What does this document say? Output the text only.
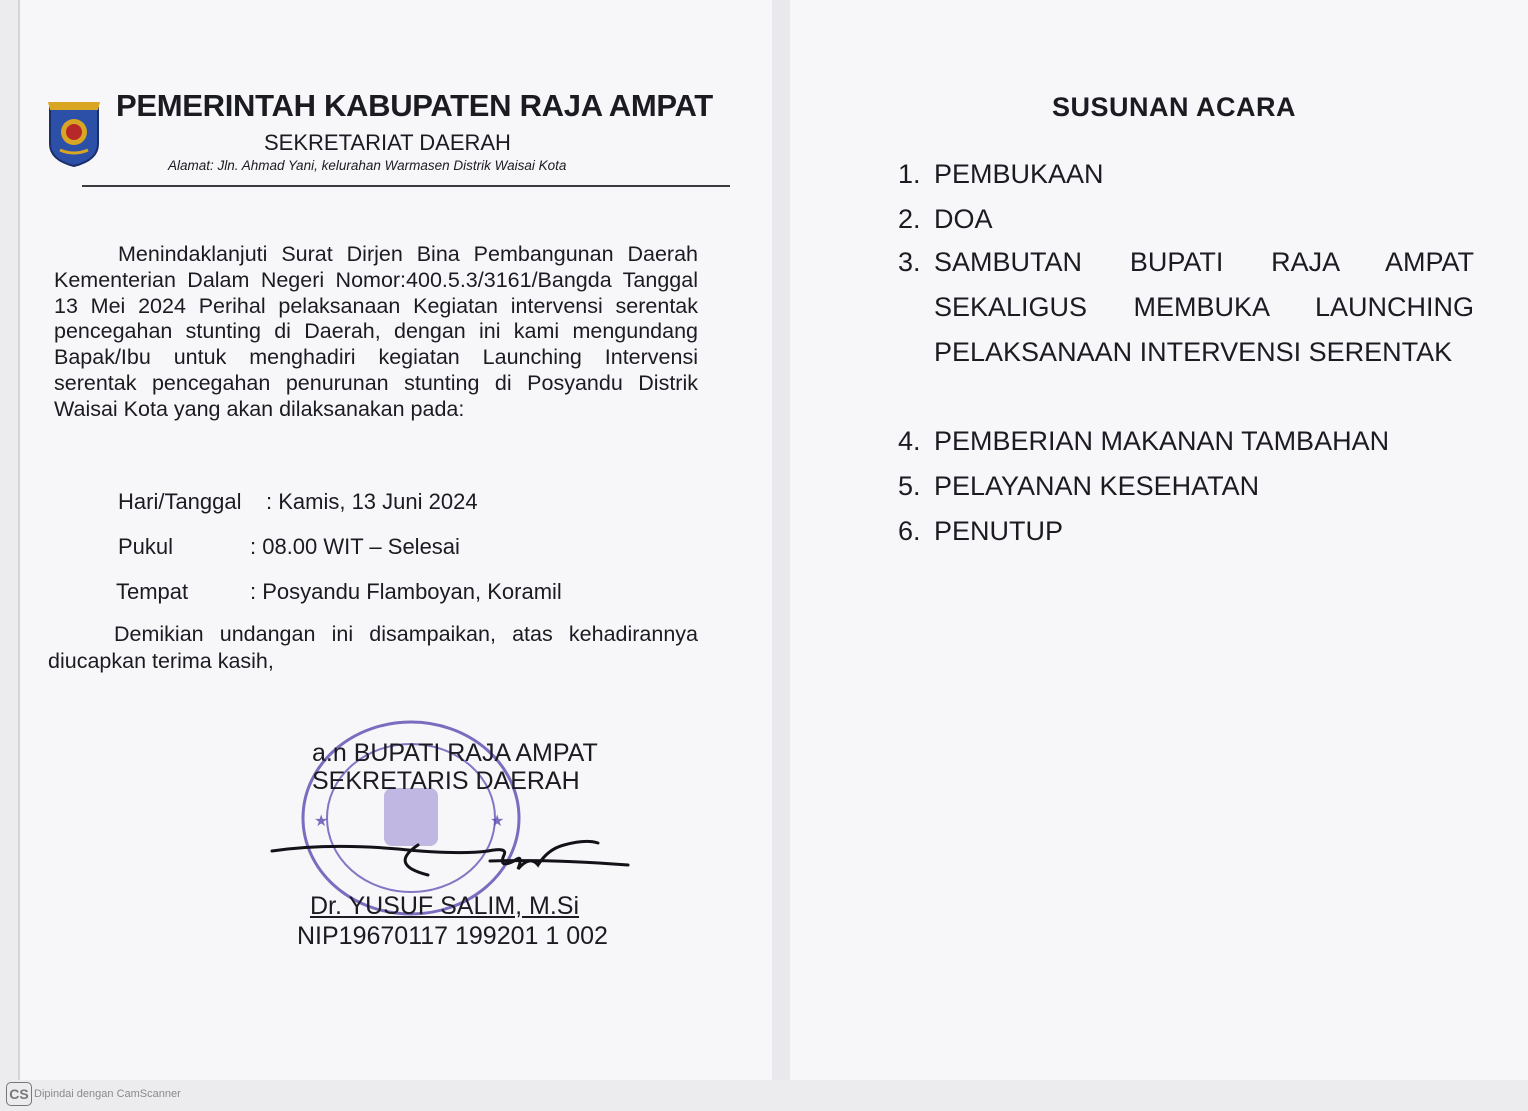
PEMERINTAH KABUPATEN RAJA AMPAT
SEKRETARIAT DAERAH
Alamat: Jln. Ahmad Yani, kelurahan Warmasen Distrik Waisai Kota
Menindaklanjuti Surat Dirjen Bina Pembangunan Daerah Kementerian Dalam Negeri Nomor:400.5.3/3161/Bangda Tanggal 13 Mei 2024 Perihal pelaksanaan Kegiatan intervensi serentak pencegahan stunting di Daerah, dengan ini kami mengundang Bapak/Ibu untuk menghadiri kegiatan Launching Intervensi serentak pencegahan penurunan stunting di Posyandu Distrik Waisai Kota yang akan dilaksanakan pada:
Hari/Tanggal : Kamis, 13 Juni 2024
Pukul	: 08.00 WIT – Selesai
Tempat	: Posyandu Flamboyan, Koramil
Demikian undangan ini disampaikan, atas kehadirannya diucapkan terima kasih,
★	★
a.n BUPATI RAJA AMPAT
SEKRETARIS DAERAH
Dr. YUSUF SALIM, M.Si
NIP19670117 199201 1 002
SUSUNAN ACARA
1. PEMBUKAAN
2. DOA
3. SAMBUTAN BUPATI RAJA AMPAT SEKALIGUS MEMBUKA LAUNCHING PELAKSANAAN INTERVENSI SERENTAK
4. PEMBERIAN MAKANAN TAMBAHAN
5. PELAYANAN KESEHATAN
6. PENUTUP
CS Dipindai dengan CamScanner
